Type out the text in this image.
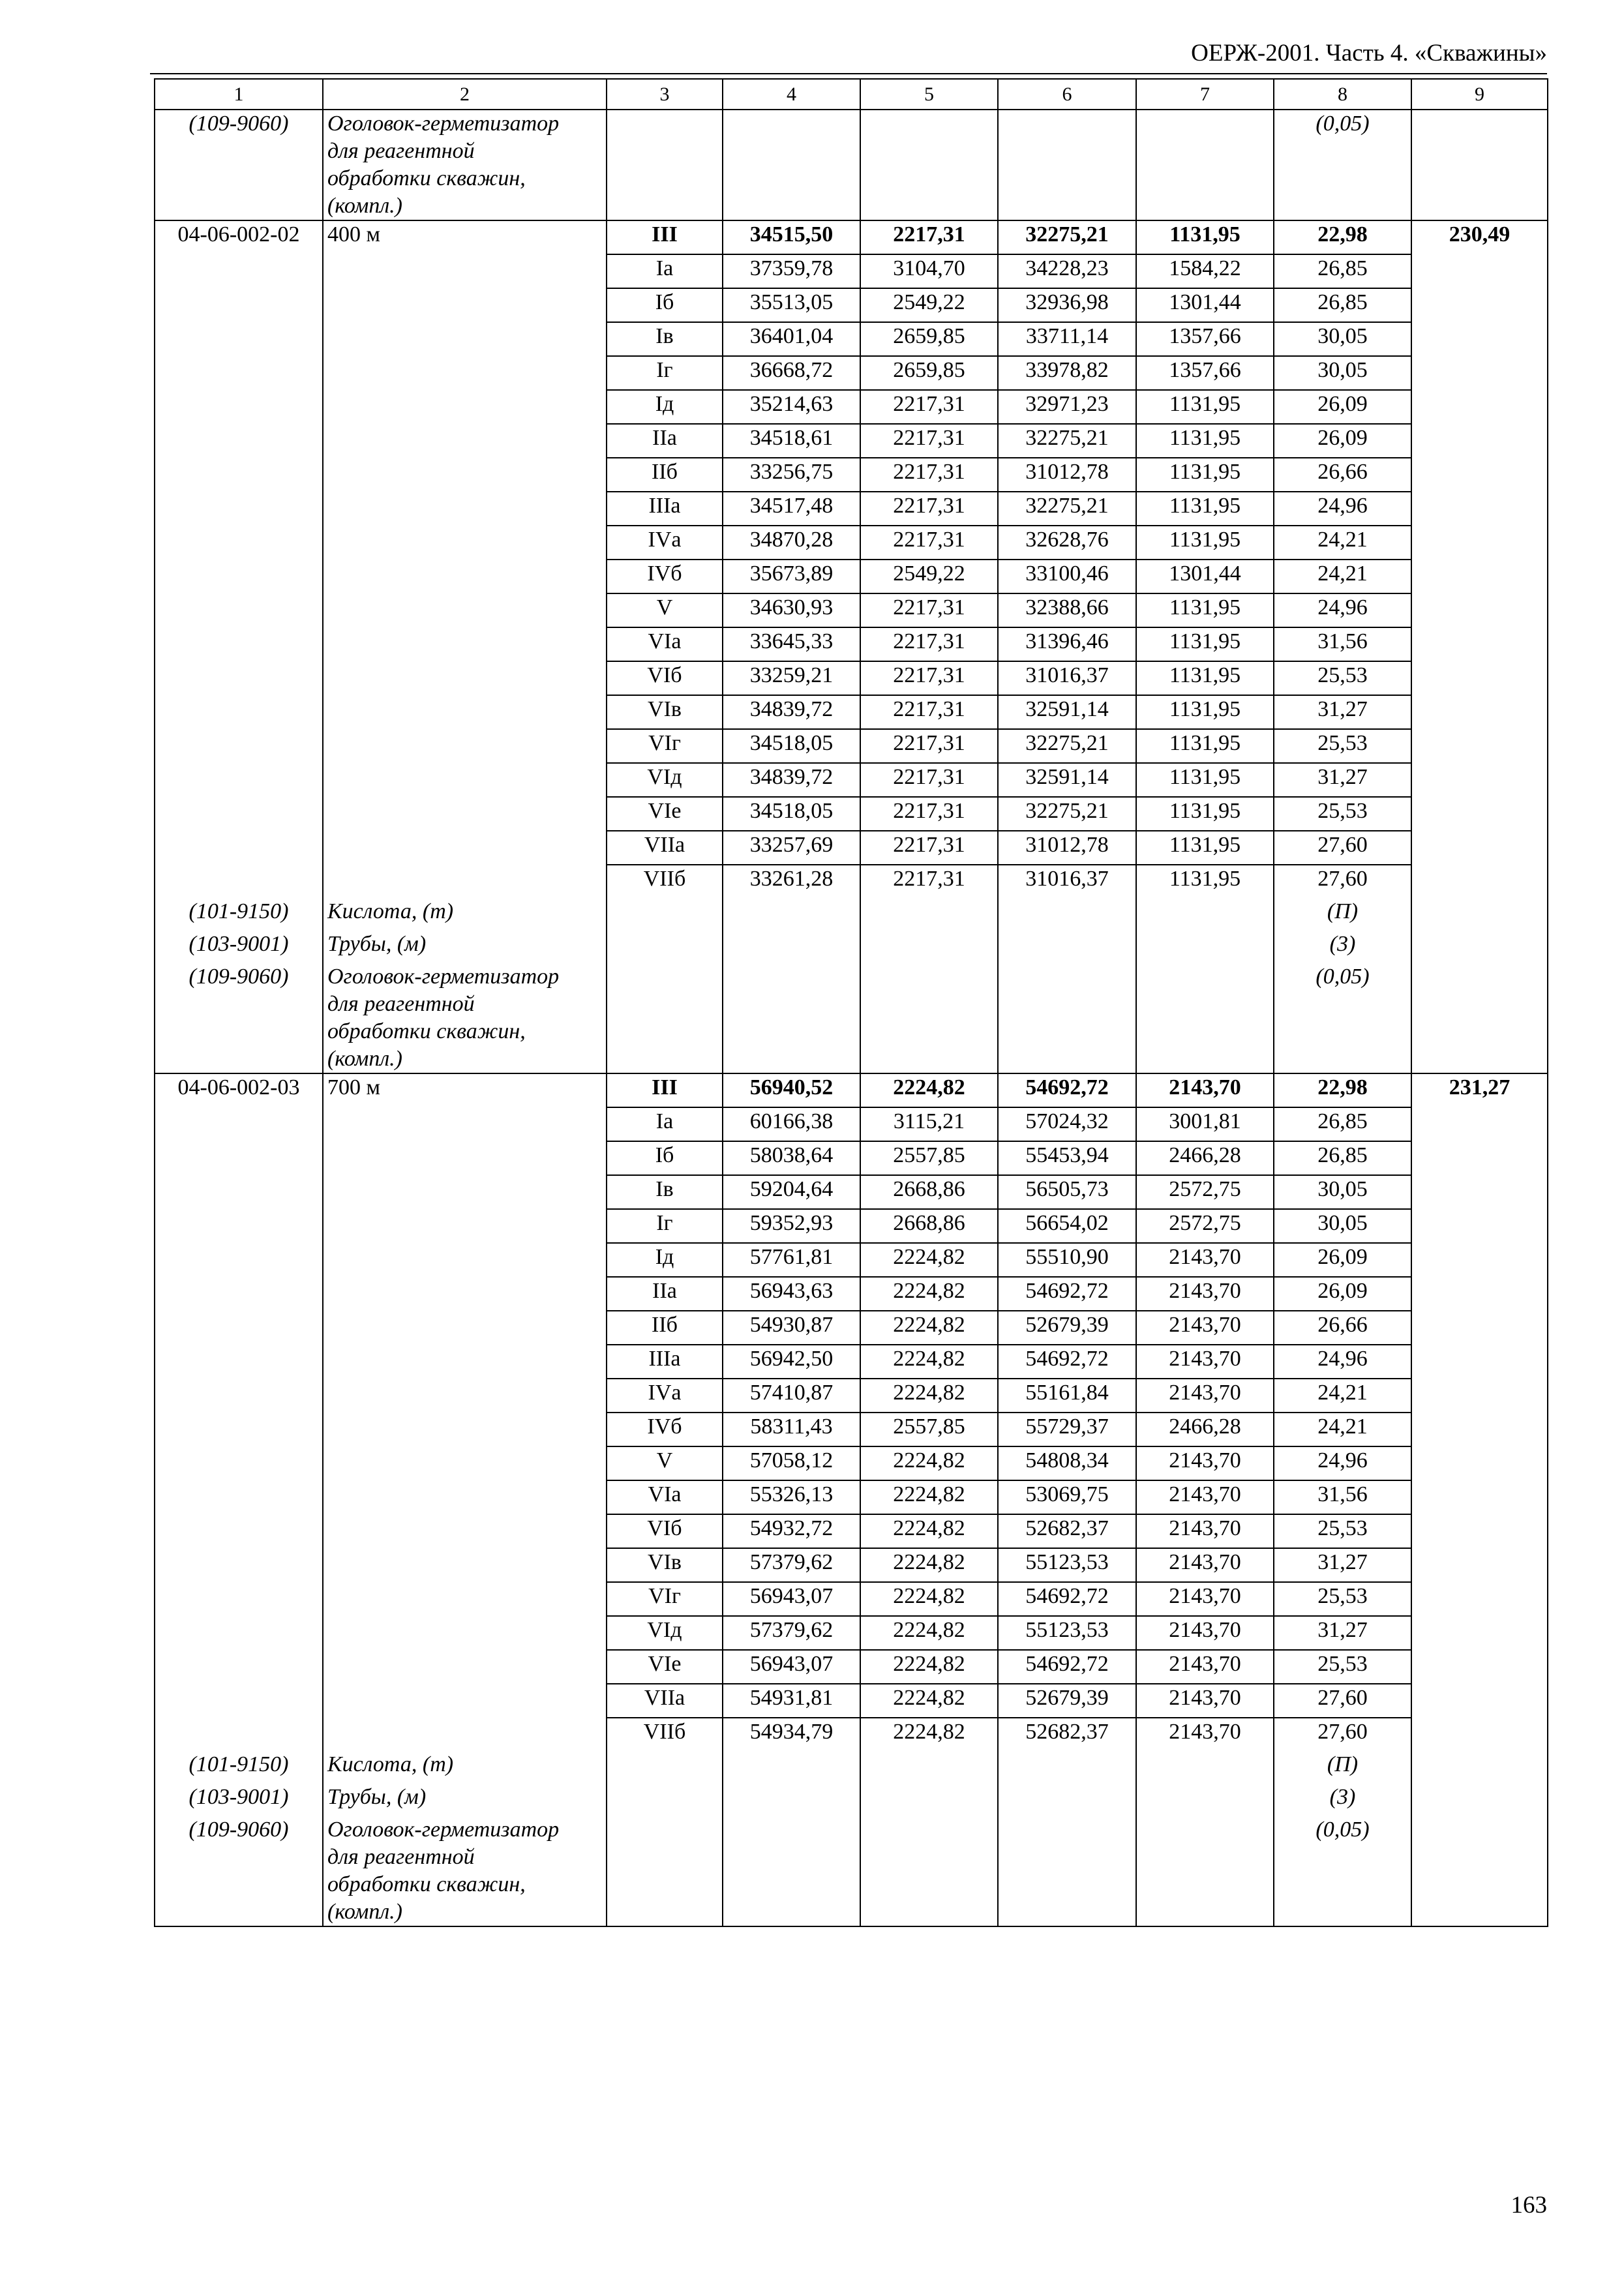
ОЕРЖ-2001. Часть 4. «Скважины»
1	2	3	4	5	6	7	8	9
(109-9060)	Оголовок-герметизатор
для реагентной
обработки скважин,
(компл.)						(0,05)	
04-06-002-02	400 м	III	34515,50	2217,31	32275,21	1131,95	22,98	230,49
		Iа	37359,78	3104,70	34228,23	1584,22	26,85	
		Iб	35513,05	2549,22	32936,98	1301,44	26,85	
		Iв	36401,04	2659,85	33711,14	1357,66	30,05	
		Iг	36668,72	2659,85	33978,82	1357,66	30,05	
		Iд	35214,63	2217,31	32971,23	1131,95	26,09	
		IIа	34518,61	2217,31	32275,21	1131,95	26,09	
		IIб	33256,75	2217,31	31012,78	1131,95	26,66	
		IIIа	34517,48	2217,31	32275,21	1131,95	24,96	
		IVа	34870,28	2217,31	32628,76	1131,95	24,21	
		IVб	35673,89	2549,22	33100,46	1301,44	24,21	
		V	34630,93	2217,31	32388,66	1131,95	24,96	
		VIа	33645,33	2217,31	31396,46	1131,95	31,56	
		VIб	33259,21	2217,31	31016,37	1131,95	25,53	
		VIв	34839,72	2217,31	32591,14	1131,95	31,27	
		VIг	34518,05	2217,31	32275,21	1131,95	25,53	
		VIд	34839,72	2217,31	32591,14	1131,95	31,27	
		VIе	34518,05	2217,31	32275,21	1131,95	25,53	
		VIIа	33257,69	2217,31	31012,78	1131,95	27,60	
		VIIб	33261,28	2217,31	31016,37	1131,95	27,60	
(101-9150)	Кислота, (т)						(П)	
(103-9001)	Трубы, (м)						(3)	
(109-9060)	Оголовок-герметизатор
для реагентной
обработки скважин,
(компл.)						(0,05)	
04-06-002-03	700 м	III	56940,52	2224,82	54692,72	2143,70	22,98	231,27
		Iа	60166,38	3115,21	57024,32	3001,81	26,85	
		Iб	58038,64	2557,85	55453,94	2466,28	26,85	
		Iв	59204,64	2668,86	56505,73	2572,75	30,05	
		Iг	59352,93	2668,86	56654,02	2572,75	30,05	
		Iд	57761,81	2224,82	55510,90	2143,70	26,09	
		IIа	56943,63	2224,82	54692,72	2143,70	26,09	
		IIб	54930,87	2224,82	52679,39	2143,70	26,66	
		IIIа	56942,50	2224,82	54692,72	2143,70	24,96	
		IVа	57410,87	2224,82	55161,84	2143,70	24,21	
		IVб	58311,43	2557,85	55729,37	2466,28	24,21	
		V	57058,12	2224,82	54808,34	2143,70	24,96	
		VIа	55326,13	2224,82	53069,75	2143,70	31,56	
		VIб	54932,72	2224,82	52682,37	2143,70	25,53	
		VIв	57379,62	2224,82	55123,53	2143,70	31,27	
		VIг	56943,07	2224,82	54692,72	2143,70	25,53	
		VIд	57379,62	2224,82	55123,53	2143,70	31,27	
		VIе	56943,07	2224,82	54692,72	2143,70	25,53	
		VIIа	54931,81	2224,82	52679,39	2143,70	27,60	
		VIIб	54934,79	2224,82	52682,37	2143,70	27,60	
(101-9150)	Кислота, (т)						(П)	
(103-9001)	Трубы, (м)						(3)	
(109-9060)	Оголовок-герметизатор
для реагентной
обработки скважин,
(компл.)						(0,05)	
163
